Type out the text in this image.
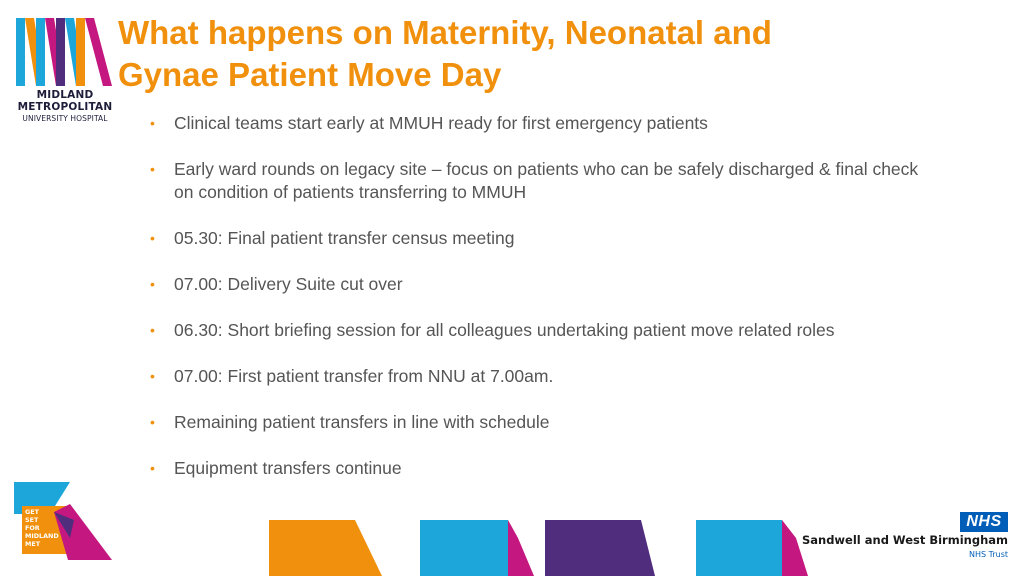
MIDLAND
METROPOLITAN
UNIVERSITY HOSPITAL
What happens on Maternity, Neonatal and
Gynae Patient Move Day
• Clinical teams start early at MMUH ready for first emergency patients
• Early ward rounds on legacy site – focus on patients who can be safely discharged & final check on condition of patients transferring to MMUH
• 05.30: Final patient transfer census meeting
• 07.00: Delivery Suite cut over
• 06.30: Short briefing session for all colleagues undertaking patient move related roles
• 07.00: First patient transfer from NNU at 7.00am.
• Remaining patient transfers in line with schedule
• Equipment transfers continue
GET
SET
FOR
MIDLAND
MET
NHS
Sandwell and West Birmingham
NHS Trust
